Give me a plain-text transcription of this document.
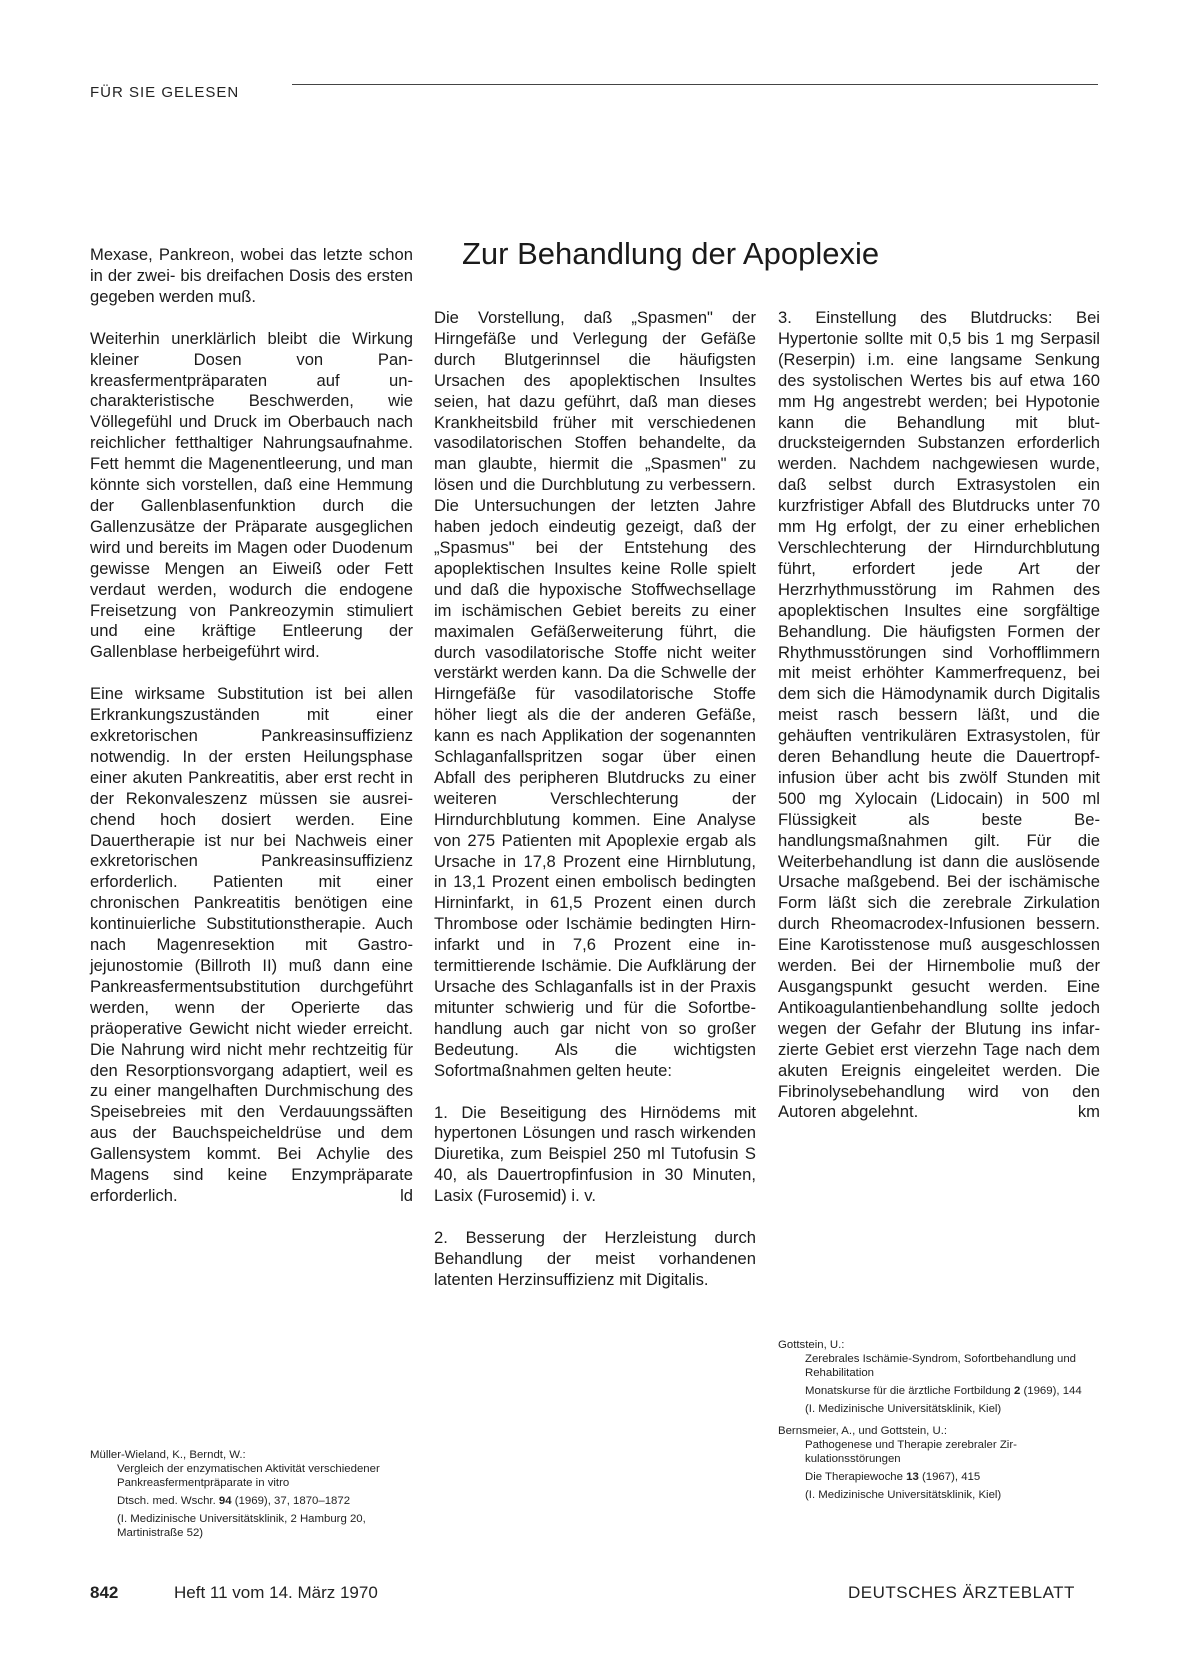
FÜR SIE GELESEN

Mexase, Pankreon, wobei das letzte schon in der zwei- bis dreifachen Dosis des ersten gegeben werden muß.

Weiterhin unerklärlich bleibt die Wirkung kleiner Dosen von Pankreasfermentpräparaten auf uncharakteristische Beschwerden, wie Völlegefühl und Druck im Oberbauch nach reichlicher fetthaltiger Nahrungsaufnahme. Fett hemmt die Magenentleerung, und man könnte sich vorstellen, daß eine Hemmung der Gallenblasenfunktion durch die Gallenzusätze der Präparate ausgeglichen wird und bereits im Magen oder Duodenum gewisse Mengen an Eiweiß oder Fett verdaut werden, wodurch die endogene Freisetzung von Pankreozymin stimuliert und eine kräftige Entleerung der Gallenblase herbeigeführt wird.

Eine wirksame Substitution ist bei allen Erkrankungszuständen mit einer exkretorischen Pankreasinsuffizienz notwendig. In der ersten Heilungsphase einer akuten Pankreatitis, aber erst recht in der Rekonvaleszenz müssen sie ausreichend hoch dosiert werden. Eine Dauertherapie ist nur bei Nachweis einer exkretorischen Pankreasinsuffizienz erforderlich. Patienten mit einer chronischen Pankreatitis benötigen eine kontinuierliche Substitutionstherapie. Auch nach Magenresektion mit Gastrojejunostomie (Billroth II) muß dann eine Pankreasfermentsubstitution durchgeführt werden, wenn der Operierte das präoperative Gewicht nicht wieder erreicht. Die Nahrung wird nicht mehr rechtzeitig für den Resorptionsvorgang adaptiert, weil es zu einer mangelhaften Durchmischung des Speisebreies mit den Verdauungssäften aus der Bauchspeicheldrüse und dem Gallensystem kommt. Bei Achylie des Magens sind keine Enzympräparate erforderlich.	ld

Müller-Wieland, K., Berndt, W.:
Vergleich der enzymatischen Aktivität verschiedener Pankreasfermentpräparate in vitro
Dtsch. med. Wschr. 94 (1969), 37, 1870–1872
(I. Medizinische Universitätsklinik, 2 Hamburg 20, Martinistraße 52)
Zur Behandlung der Apoplexie

Die Vorstellung, daß „Spasmen" der Hirngefäße und Verlegung der Gefäße durch Blutgerinnsel die häufigsten Ursachen des apoplektischen Insultes seien, hat dazu geführt, daß man dieses Krankheitsbild früher mit verschiedenen vasodilatorischen Stoffen behandelte, da man glaubte, hiermit die „Spasmen" zu lösen und die Durchblutung zu verbessern. Die Untersuchungen der letzten Jahre haben jedoch eindeutig gezeigt, daß der „Spasmus" bei der Entstehung des apoplektischen Insultes keine Rolle spielt und daß die hypoxische Stoffwechsellage im ischämischen Gebiet bereits zu einer maximalen Gefäßerweiterung führt, die durch vasodilatorische Stoffe nicht weiter verstärkt werden kann. Da die Schwelle der Hirngefäße für vasodilatorische Stoffe höher liegt als die der anderen Gefäße, kann es nach Applikation der sogenannten Schlaganfallspritzen sogar über einen Abfall des peripheren Blutdrucks zu einer weiteren Verschlechterung der Hirndurchblutung kommen. Eine Analyse von 275 Patienten mit Apoplexie ergab als Ursache in 17,8 Prozent eine Hirnblutung, in 13,1 Prozent einen embolisch bedingten Hirninfarkt, in 61,5 Prozent einen durch Thrombose oder Ischämie bedingten Hirninfarkt und in 7,6 Prozent eine intermittierende Ischämie. Die Aufklärung der Ursache des Schlaganfalls ist in der Praxis mitunter schwierig und für die Sofortbehandlung auch gar nicht von so großer Bedeutung. Als die wichtigsten Sofortmaßnahmen gelten heute:

1. Die Beseitigung des Hirnödems mit hypertonen Lösungen und rasch wirkenden Diuretika, zum Beispiel 250 ml Tutofusin S 40, als Dauertropfinfusion in 30 Minuten, Lasix (Furosemid) i. v.

2. Besserung der Herzleistung durch Behandlung der meist vorhandenen latenten Herzinsuffizienz mit Digitalis.

3. Einstellung des Blutdrucks: Bei Hypertonie sollte mit 0,5 bis 1 mg Serpasil (Reserpin) i.m. eine langsame Senkung des systolischen Wertes bis auf etwa 160 mm Hg angestrebt werden; bei Hypotonie kann die Behandlung mit blutdrucksteigernden Substanzen erforderlich werden. Nachdem nachgewiesen wurde, daß selbst durch Extrasystolen ein kurzfristiger Abfall des Blutdrucks unter 70 mm Hg erfolgt, der zu einer erheblichen Verschlechterung der Hirndurchblutung führt, erfordert jede Art der Herzrhythmusstörung im Rahmen des apoplektischen Insultes eine sorgfältige Behandlung. Die häufigsten Formen der Rhythmusstörungen sind Vorhofflimmern mit meist erhöhter Kammerfrequenz, bei dem sich die Hämodynamik durch Digitalis meist rasch bessern läßt, und die gehäuften ventrikulären Extrasystolen, für deren Behandlung heute die Dauertropfinfusion über acht bis zwölf Stunden mit 500 mg Xylocain (Lidocain) in 500 ml Flüssigkeit als beste Behandlungsmaßnahmen gilt. Für die Weiterbehandlung ist dann die auslösende Ursache maßgebend. Bei der ischämische Form läßt sich die zerebrale Zirkulation durch Rheomacrodex-Infusionen bessern. Eine Karotisstenose muß ausgeschlossen werden. Bei der Hirnembolie muß der Ausgangspunkt gesucht werden. Eine Antikoagulantienbehandlung sollte jedoch wegen der Gefahr der Blutung ins infarzierte Gebiet erst vierzehn Tage nach dem akuten Ereignis eingeleitet werden. Die Fibrinolysebehandlung wird von den Autoren abgelehnt.	km

Gottstein, U.:
Zerebrales Ischämie-Syndrom, Sofortbehandlung und Rehabilitation
Monatskurse für die ärztliche Fortbildung 2 (1969), 144
(I. Medizinische Universitätsklinik, Kiel)
Bernsmeier, A., und Gottstein, U.:
Pathogenese und Therapie zerebraler Zirkulationsstörungen
Die Therapiewoche 13 (1967), 415
(I. Medizinische Universitätsklinik, Kiel)
842	Heft 11 vom 14. März 1970	DEUTSCHES ÄRZTEBLATT
